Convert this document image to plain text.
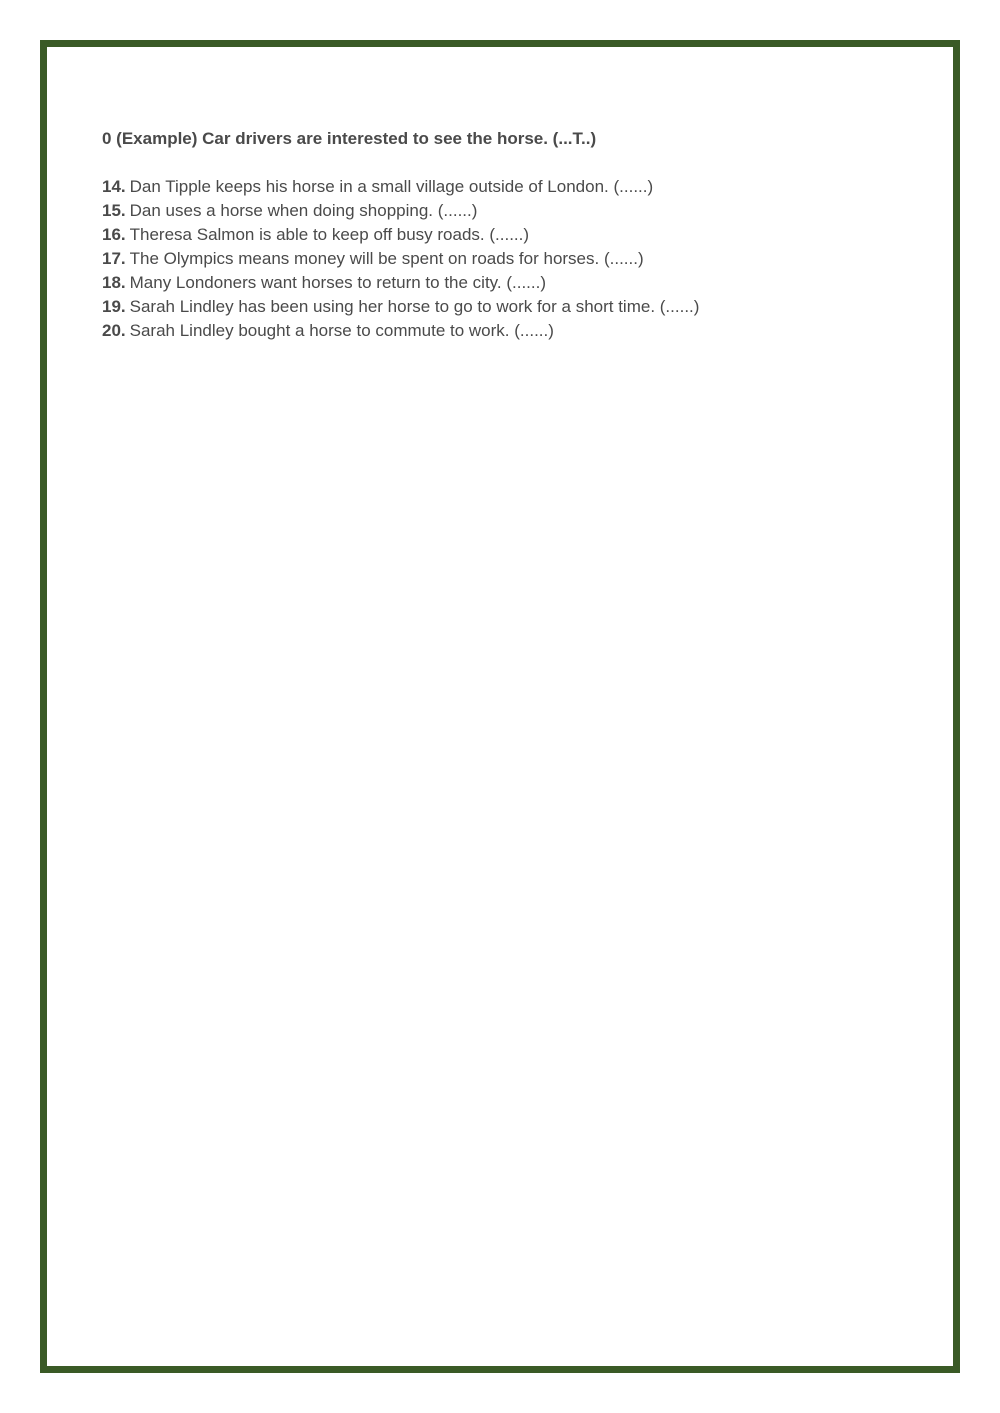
0 (Example) Car drivers are interested to see the horse. (...T..)

14. Dan Tipple keeps his horse in a small village outside of London. (......)
15. Dan uses a horse when doing shopping. (......)
16. Theresa Salmon is able to keep off busy roads. (......)
17. The Olympics means money will be spent on roads for horses. (......)
18. Many Londoners want horses to return to the city. (......)
19. Sarah Lindley has been using her horse to go to work for a short time. (......)
20. Sarah Lindley bought a horse to commute to work. (......)
